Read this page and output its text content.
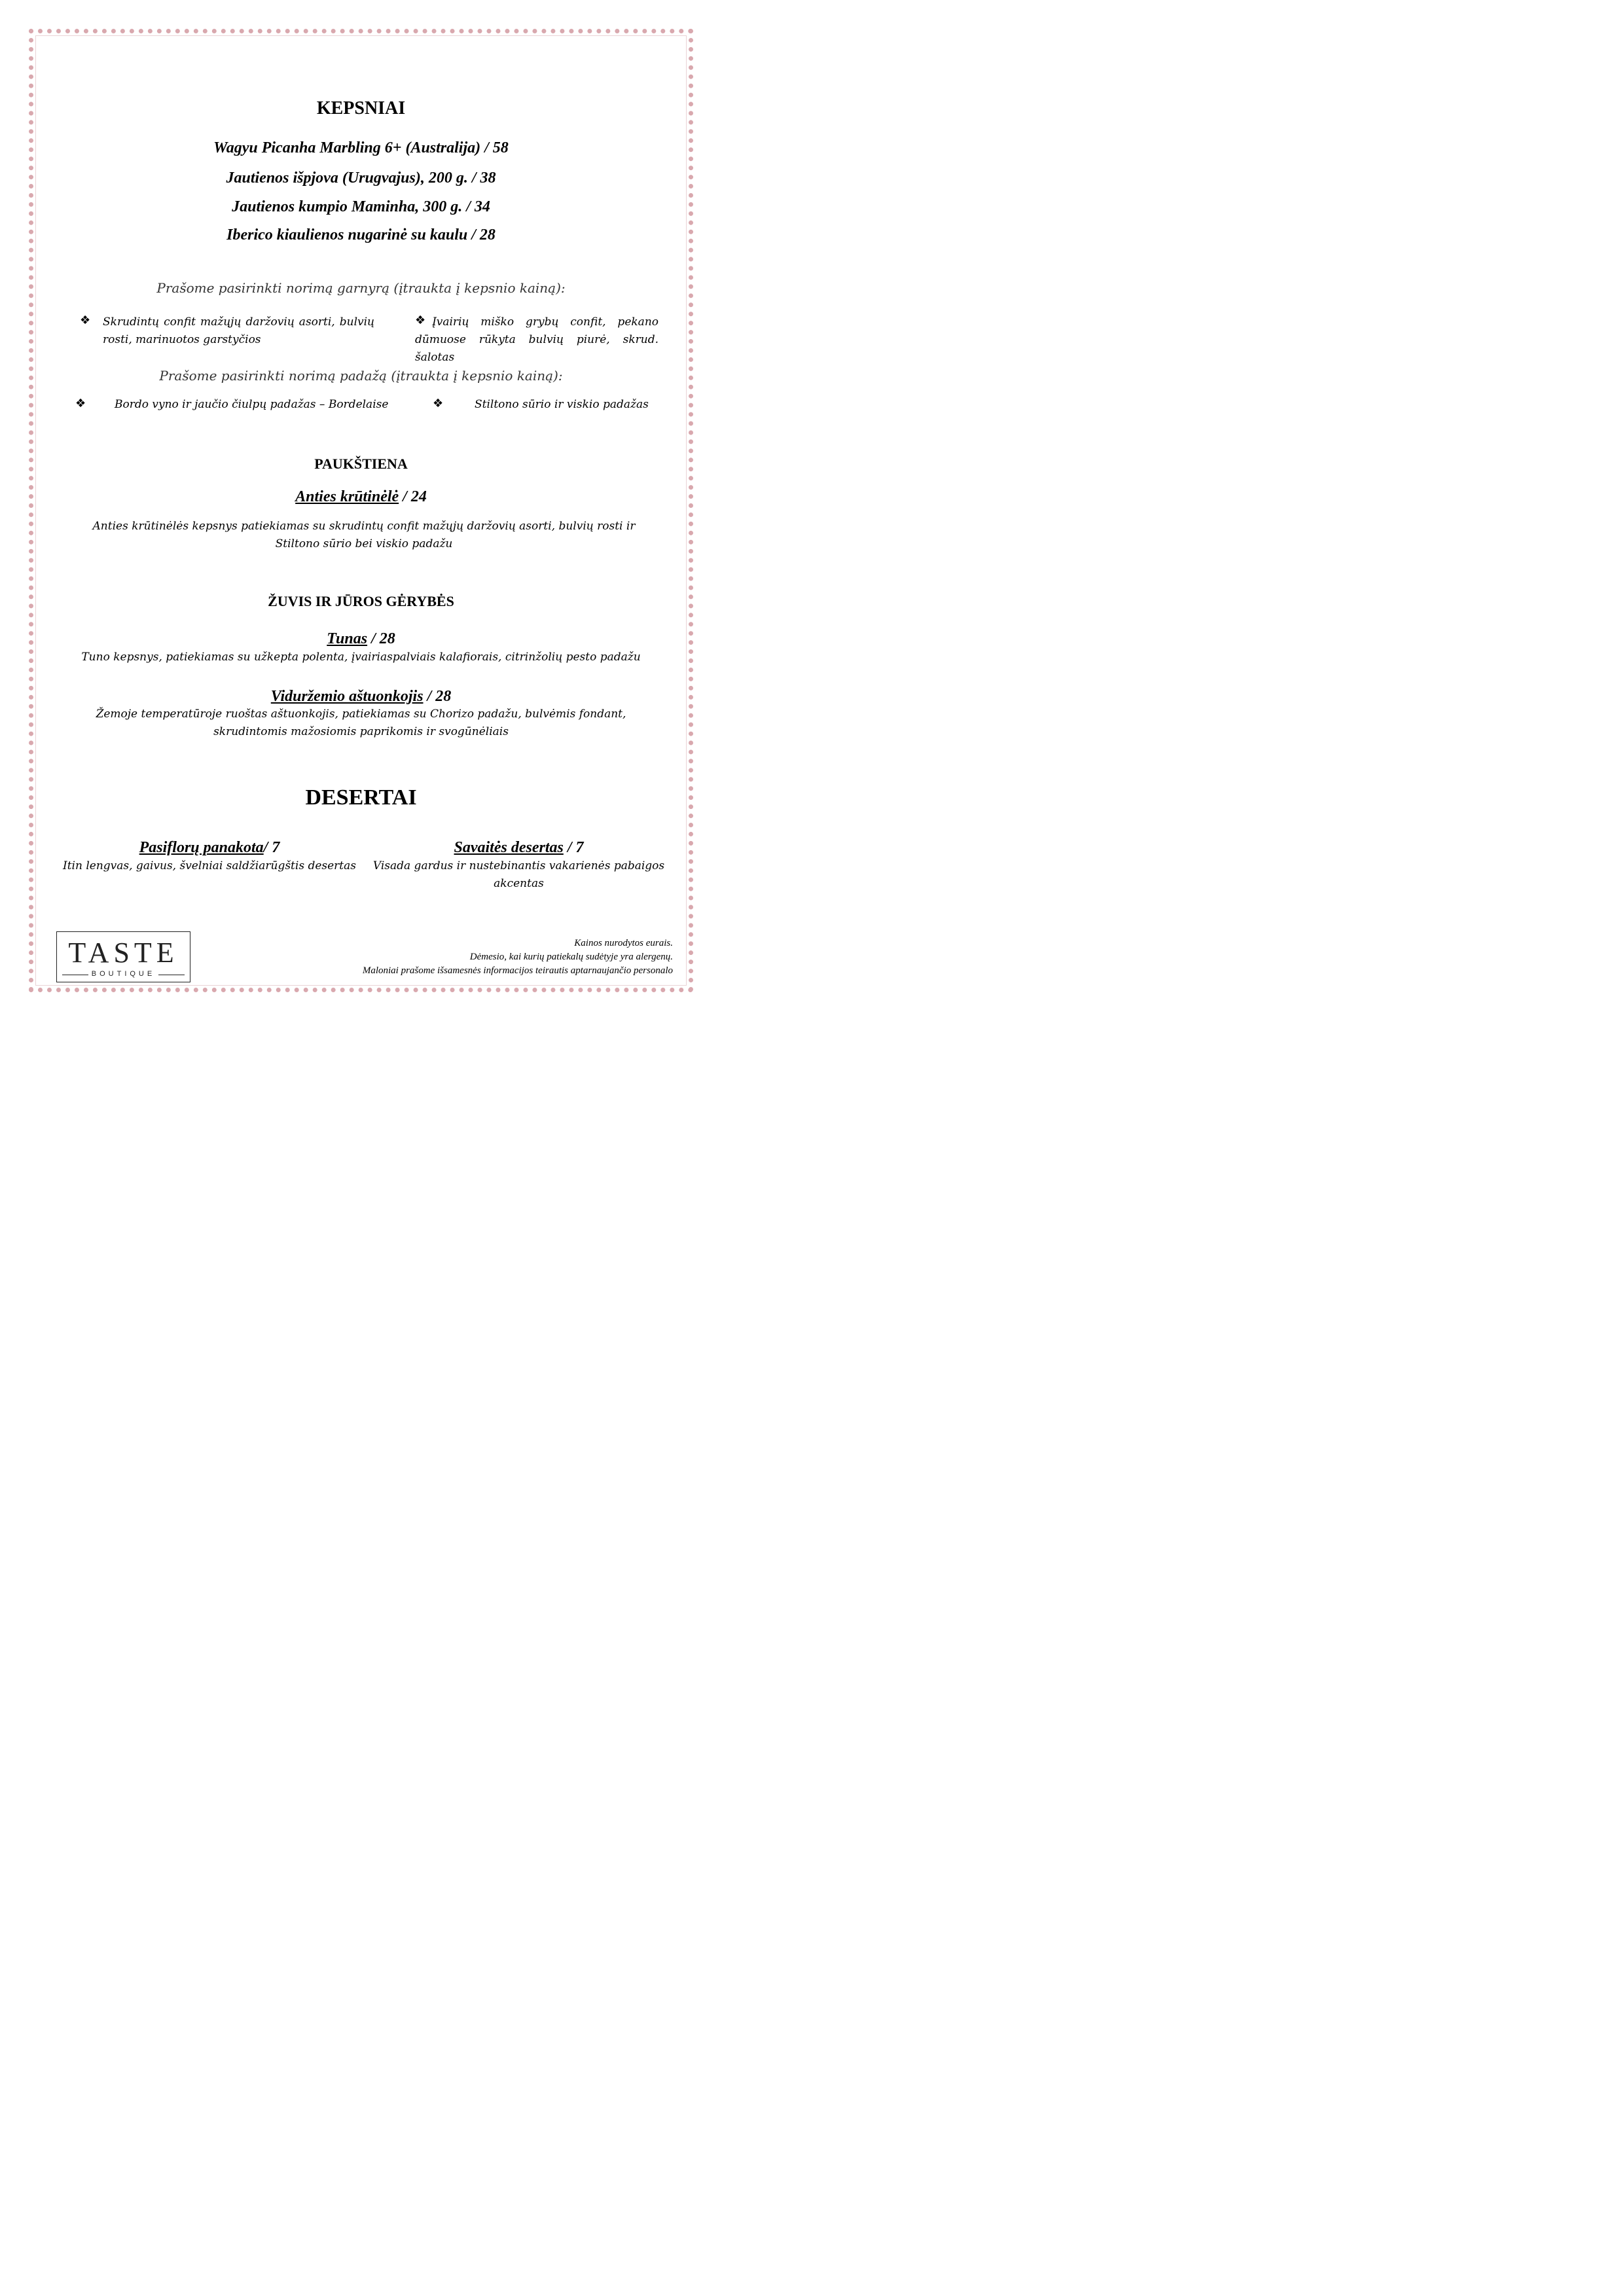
KEPSNIAI
Wagyu Picanha Marbling 6+ (Australija) / 58
Jautienos išpjova (Urugvajus), 200 g. / 38
Jautienos kumpio Maminha, 300 g. / 34
Iberico kiaulienos nugarinė su kaulu / 28
Prašome pasirinkti norimą garnyrą (įtraukta į kepsnio kainą):
❖ Skrudintų confit mažųjų daržovių asorti, bulvių rosti, marinuotos garstyčios
❖ Įvairių miško grybų confit, pekano dūmuose rūkyta bulvių piurė, skrud. šalotas
Prašome pasirinkti norimą padažą (įtraukta į kepsnio kainą):
❖	Bordo vyno ir jaučio čiulpų padažas – Bordelaise	❖	Stiltono sūrio ir viskio padažas
PAUKŠTIENA
Anties krūtinėlė / 24
Anties krūtinėlės kepsnys patiekiamas su skrudintų confit mažųjų daržovių asorti, bulvių rosti ir Stiltono sūrio bei viskio padažu
ŽUVIS IR JŪROS GĖRYBĖS
Tunas / 28
Tuno kepsnys, patiekiamas su užkepta polenta, įvairiaspalviais kalafiorais, citrinžolių pesto padažu
Viduržemio aštuonkojis / 28
Žemoje temperatūroje ruoštas aštuonkojis, patiekiamas su Chorizo padažu, bulvėmis fondant, skrudintomis mažosiomis paprikomis ir svogūnėliais
DESERTAI
Pasiflorų panakota/ 7
Itin lengvas, gaivus, švelniai saldžiarūgštis desertas
Savaitės desertas / 7
Visada gardus ir nustebinantis vakarienės pabaigos akcentas
TASTE
BOUTIQUE
Kainos nurodytos eurais.
Dėmesio, kai kurių patiekalų sudėtyje yra alergenų.
Maloniai prašome išsamesnės informacijos teirautis aptarnaujančio personalo
